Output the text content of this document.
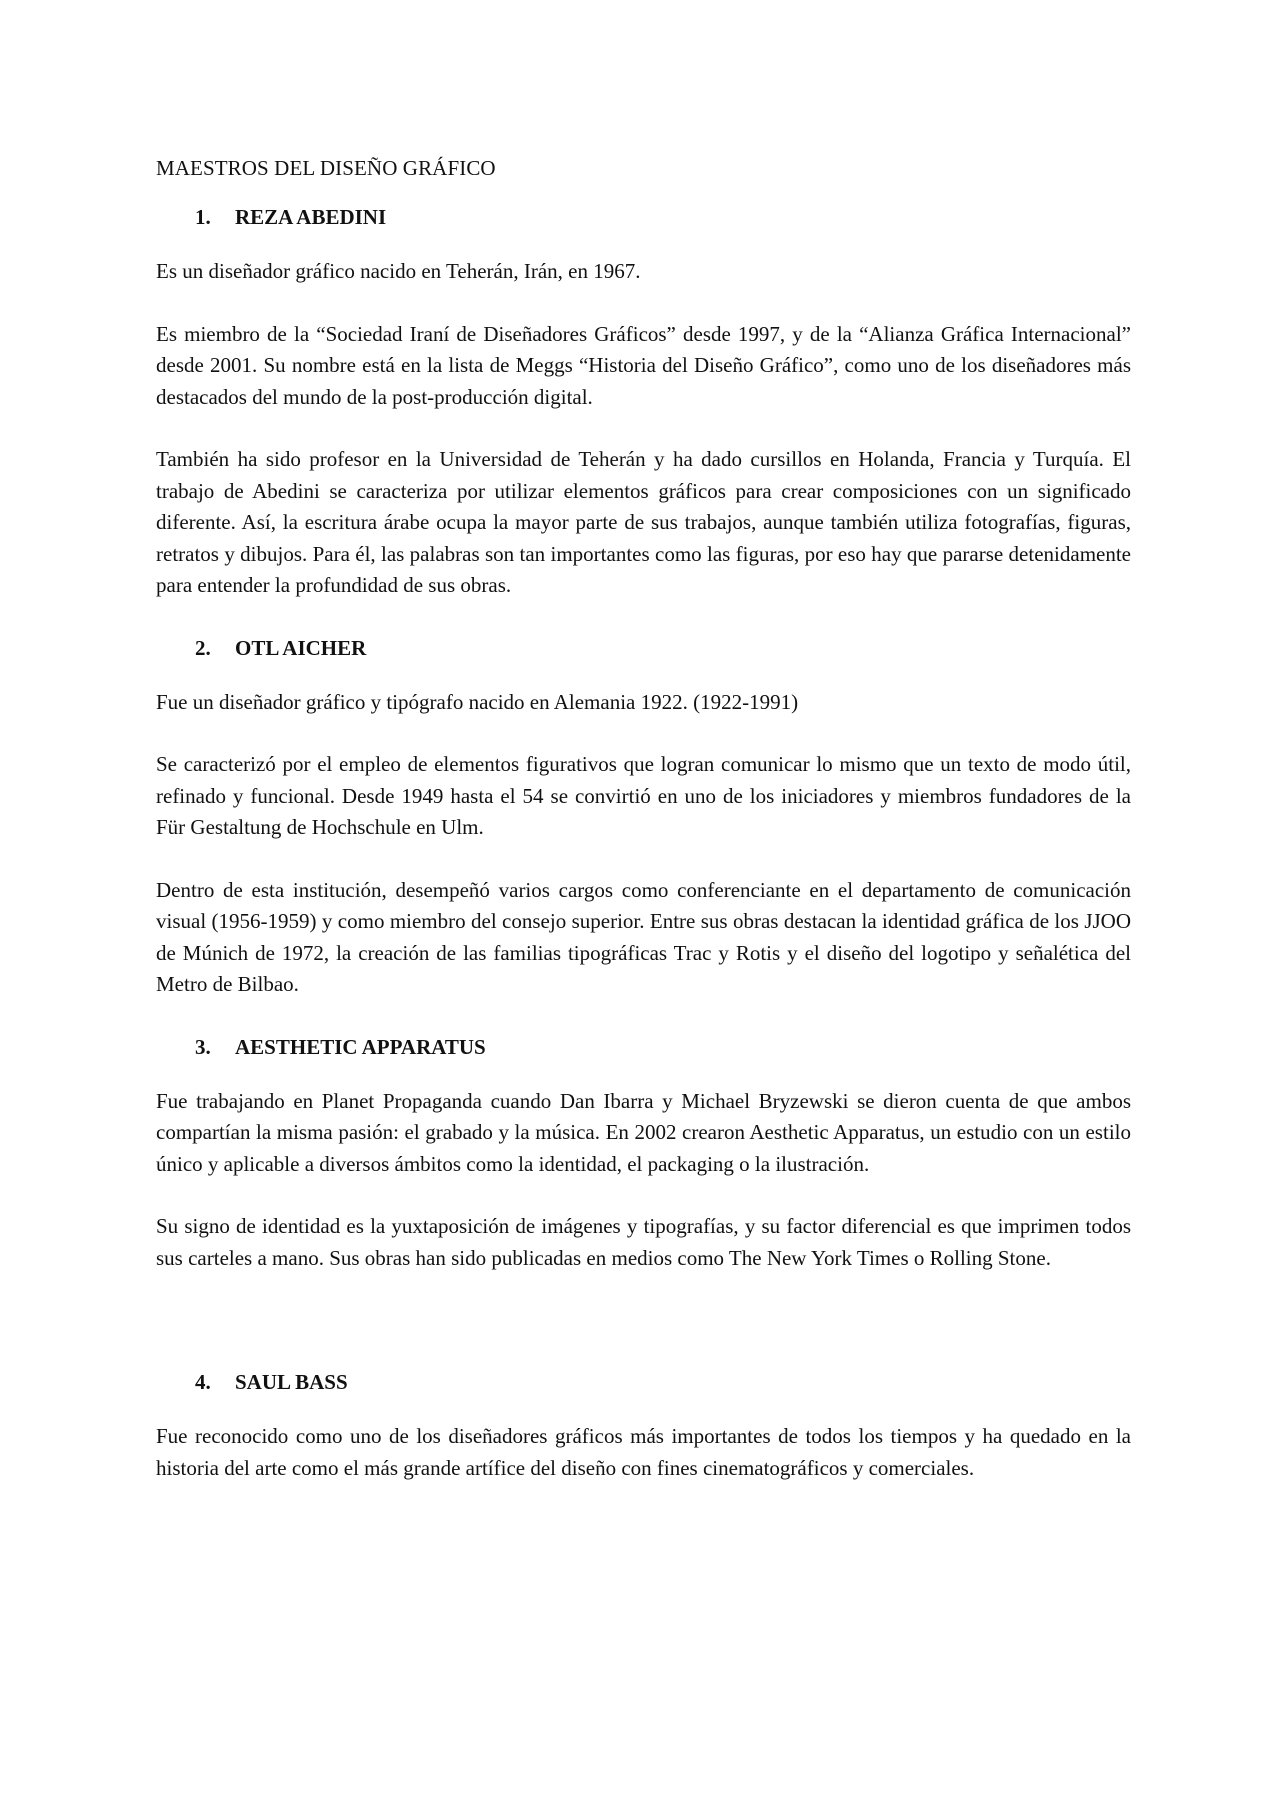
MAESTROS DEL DISEÑO GRÁFICO
1.	REZA ABEDINI

Es un diseñador gráfico nacido en Teherán, Irán, en 1967.

Es miembro de la “Sociedad Iraní de Diseñadores Gráficos” desde 1997, y de la “Alianza Gráfica Internacional” desde 2001. Su nombre está en la lista de Meggs “Historia del Diseño Gráfico”, como uno de los diseñadores más destacados del mundo de la post-producción digital.

También ha sido profesor en la Universidad de Teherán y ha dado cursillos en Holanda, Francia y Turquía. El trabajo de Abedini se caracteriza por utilizar elementos gráficos para crear composiciones con un significado diferente. Así, la escritura árabe ocupa la mayor parte de sus trabajos, aunque también utiliza fotografías, figuras, retratos y dibujos. Para él, las palabras son tan importantes como las figuras, por eso hay que pararse detenidamente para entender la profundidad de sus obras.

2.	OTL AICHER

Fue un diseñador gráfico y tipógrafo nacido en Alemania 1922. (1922-1991)

Se caracterizó por el empleo de elementos figurativos que logran comunicar lo mismo que un texto de modo útil, refinado y funcional. Desde 1949 hasta el 54 se convirtió en uno de los iniciadores y miembros fundadores de la Für Gestaltung de Hochschule en Ulm.

Dentro de esta institución, desempeñó varios cargos como conferenciante en el departamento de comunicación visual (1956-1959) y como miembro del consejo superior. Entre sus obras destacan la identidad gráfica de los JJOO de Múnich de 1972, la creación de las familias tipográficas Trac y Rotis y el diseño del logotipo y señalética del Metro de Bilbao.

3.	AESTHETIC APPARATUS

Fue trabajando en Planet Propaganda cuando Dan Ibarra y Michael Bryzewski se dieron cuenta de que ambos compartían la misma pasión: el grabado y la música. En 2002 crearon Aesthetic Apparatus, un estudio con un estilo único y aplicable a diversos ámbitos como la identidad, el packaging o la ilustración.

Su signo de identidad es la yuxtaposición de imágenes y tipografías, y su factor diferencial es que imprimen todos sus carteles a mano. Sus obras han sido publicadas en medios como The New York Times o Rolling Stone.

4.	SAUL BASS

Fue reconocido como uno de los diseñadores gráficos más importantes de todos los tiempos y ha quedado en la historia del arte como el más grande artífice del diseño con fines cinematográficos y comerciales.
